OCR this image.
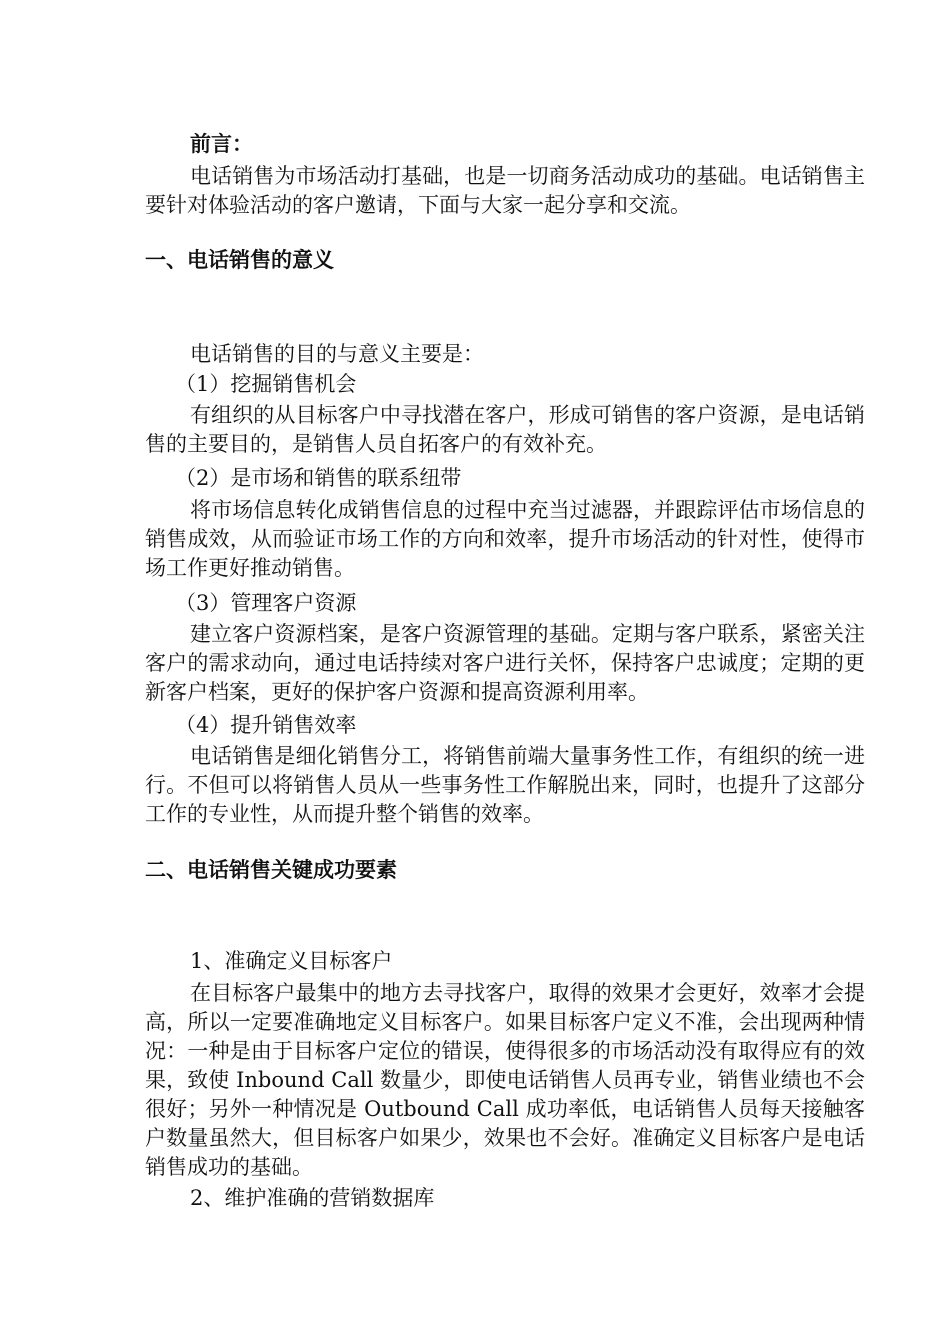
前言：

电话销售为市场活动打基础，也是一切商务活动成功的基础。电话销售主要针对体验活动的客户邀请，下面与大家一起分享和交流。

一、电话销售的意义

电话销售的目的与意义主要是：

（1）挖掘销售机会

有组织的从目标客户中寻找潜在客户，形成可销售的客户资源，是电话销售的主要目的，是销售人员自拓客户的有效补充。

（2）是市场和销售的联系纽带

将市场信息转化成销售信息的过程中充当过滤器，并跟踪评估市场信息的销售成效，从而验证市场工作的方向和效率，提升市场活动的针对性，使得市场工作更好推动销售。

（3）管理客户资源

建立客户资源档案，是客户资源管理的基础。定期与客户联系，紧密关注客户的需求动向，通过电话持续对客户进行关怀，保持客户忠诚度；定期的更新客户档案，更好的保护客户资源和提高资源利用率。

（4）提升销售效率

电话销售是细化销售分工，将销售前端大量事务性工作，有组织的统一进行。不但可以将销售人员从一些事务性工作解脱出来，同时，也提升了这部分工作的专业性，从而提升整个销售的效率。

二、电话销售关键成功要素

1、准确定义目标客户

在目标客户最集中的地方去寻找客户，取得的效果才会更好，效率才会提高，所以一定要准确地定义目标客户。如果目标客户定义不准，会出现两种情况：一种是由于目标客户定位的错误，使得很多的市场活动没有取得应有的效果，致使 Inbound Call 数量少，即使电话销售人员再专业，销售业绩也不会很好；另外一种情况是 Outbound Call 成功率低，电话销售人员每天接触客户数量虽然大，但目标客户如果少，效果也不会好。准确定义目标客户是电话销售成功的基础。

2、维护准确的营销数据库
